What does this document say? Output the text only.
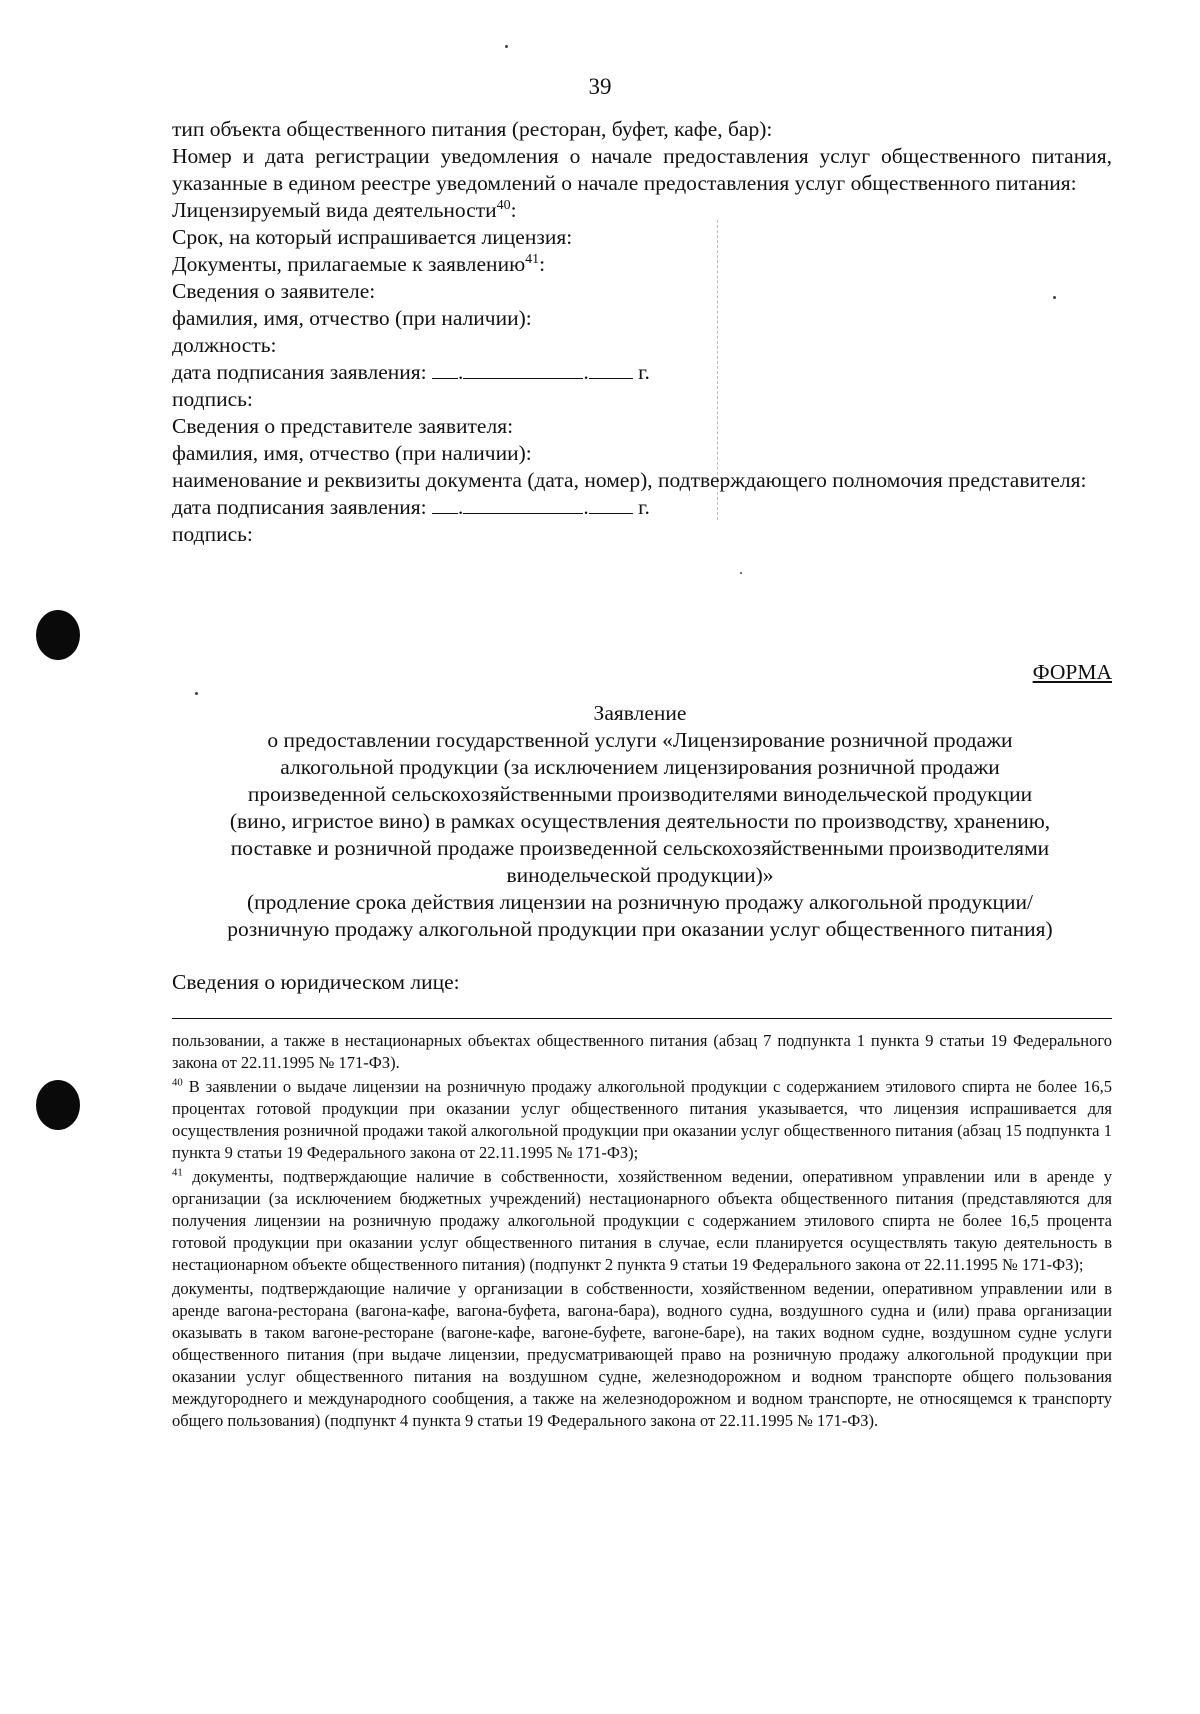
39

тип объекта общественного питания (ресторан, буфет, кафе, бар):

Номер и дата регистрации уведомления о начале предоставления услуг общественного питания, указанные в едином реестре уведомлений о начале предоставления услуг общественного питания:

Лицензируемый вида деятельности$^{40}$:

Срок, на который испрашивается лицензия:

Документы, прилагаемые к заявлению$^{41}$:

Сведения о заявителе:

фамилия, имя, отчество (при наличии):

должность:

дата подписания заявления: .	. г.

подпись:

Сведения о представителе заявителя:

фамилия, имя, отчество (при наличии):

наименование и реквизиты документа (дата, номер), подтверждающего полномочия представителя:

дата подписания заявления: .	. г.

подпись:

ФОРМА

Заявление

о предоставлении государственной услуги «Лицензирование розничной продажи

алкогольной продукции (за исключением лицензирования розничной продажи

произведенной сельскохозяйственными производителями винодельческой продукции

(вино, игристое вино) в рамках осуществления деятельности по производству, хранению,

поставке и розничной продаже произведенной сельскохозяйственными производителями

винодельческой продукции)»

(продление срока действия лицензии на розничную продажу алкогольной продукции/

розничную продажу алкогольной продукции при оказании услуг общественного питания)

Сведения о юридическом лице:

пользовании, а также в нестационарных объектах общественного питания (абзац 7 подпункта 1 пункта 9 статьи 19 Федерального закона от 22.11.1995 № 171-ФЗ).

$^{40}$ В заявлении о выдаче лицензии на розничную продажу алкогольной продукции с содержанием этилового спирта не более 16,5 процентах готовой продукции при оказании услуг общественного питания указывается, что лицензия испрашивается для осуществления розничной продажи такой алкогольной продукции при оказании услуг общественного питания (абзац 15 подпункта 1 пункта 9 статьи 19 Федерального закона от 22.11.1995 № 171-ФЗ);

$^{41}$ документы, подтверждающие наличие в собственности, хозяйственном ведении, оперативном управлении или в аренде у организации (за исключением бюджетных учреждений) нестационарного объекта общественного питания (представляются для получения лицензии на розничную продажу алкогольной продукции с содержанием этилового спирта не более 16,5 процента готовой продукции при оказании услуг общественного питания в случае, если планируется осуществлять такую деятельность в нестационарном объекте общественного питания) (подпункт 2 пункта 9 статьи 19 Федерального закона от 22.11.1995 № 171-ФЗ);

документы, подтверждающие наличие у организации в собственности, хозяйственном ведении, оперативном управлении или в аренде вагона-ресторана (вагона-кафе, вагона-буфета, вагона-бара), водного судна, воздушного судна и (или) права организации оказывать в таком вагоне-ресторане (вагоне-кафе, вагоне-буфете, вагоне-баре), на таких водном судне, воздушном судне услуги общественного питания (при выдаче лицензии, предусматривающей право на розничную продажу алкогольной продукции при оказании услуг общественного питания на воздушном судне, железнодорожном и водном транспорте общего пользования междугороднего и международного сообщения, а также на железнодорожном и водном транспорте, не относящемся к транспорту общего пользования) (подпункт 4 пункта 9 статьи 19 Федерального закона от 22.11.1995 № 171-ФЗ).
